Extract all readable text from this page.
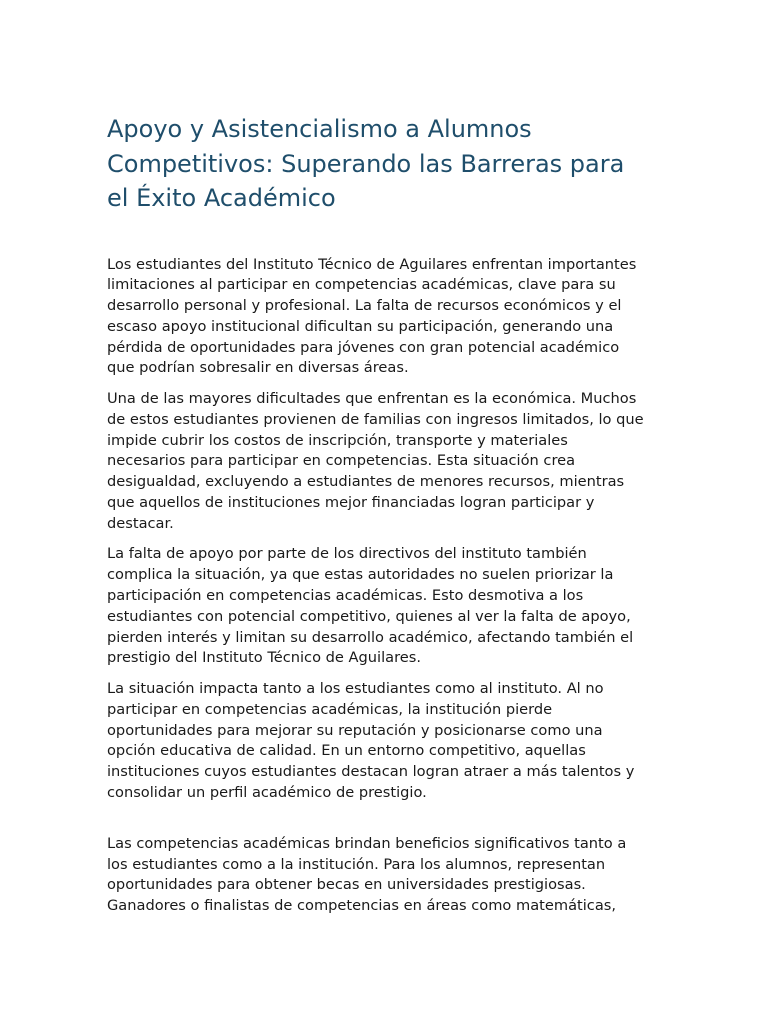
Apoyo y Asistencialismo a Alumnos
Competitivos: Superando las Barreras para
el Éxito Académico

Los estudiantes del Instituto Técnico de Aguilares enfrentan importantes
limitaciones al participar en competencias académicas, clave para su
desarrollo personal y profesional. La falta de recursos económicos y el
escaso apoyo institucional dificultan su participación, generando una
pérdida de oportunidades para jóvenes con gran potencial académico
que podrían sobresalir en diversas áreas.

Una de las mayores dificultades que enfrentan es la económica. Muchos
de estos estudiantes provienen de familias con ingresos limitados, lo que
impide cubrir los costos de inscripción, transporte y materiales
necesarios para participar en competencias. Esta situación crea
desigualdad, excluyendo a estudiantes de menores recursos, mientras
que aquellos de instituciones mejor financiadas logran participar y
destacar.

La falta de apoyo por parte de los directivos del instituto también
complica la situación, ya que estas autoridades no suelen priorizar la
participación en competencias académicas. Esto desmotiva a los
estudiantes con potencial competitivo, quienes al ver la falta de apoyo,
pierden interés y limitan su desarrollo académico, afectando también el
prestigio del Instituto Técnico de Aguilares.

La situación impacta tanto a los estudiantes como al instituto. Al no
participar en competencias académicas, la institución pierde
oportunidades para mejorar su reputación y posicionarse como una
opción educativa de calidad. En un entorno competitivo, aquellas
instituciones cuyos estudiantes destacan logran atraer a más talentos y
consolidar un perfil académico de prestigio.

Las competencias académicas brindan beneficios significativos tanto a
los estudiantes como a la institución. Para los alumnos, representan
oportunidades para obtener becas en universidades prestigiosas.
Ganadores o finalistas de competencias en áreas como matemáticas,
